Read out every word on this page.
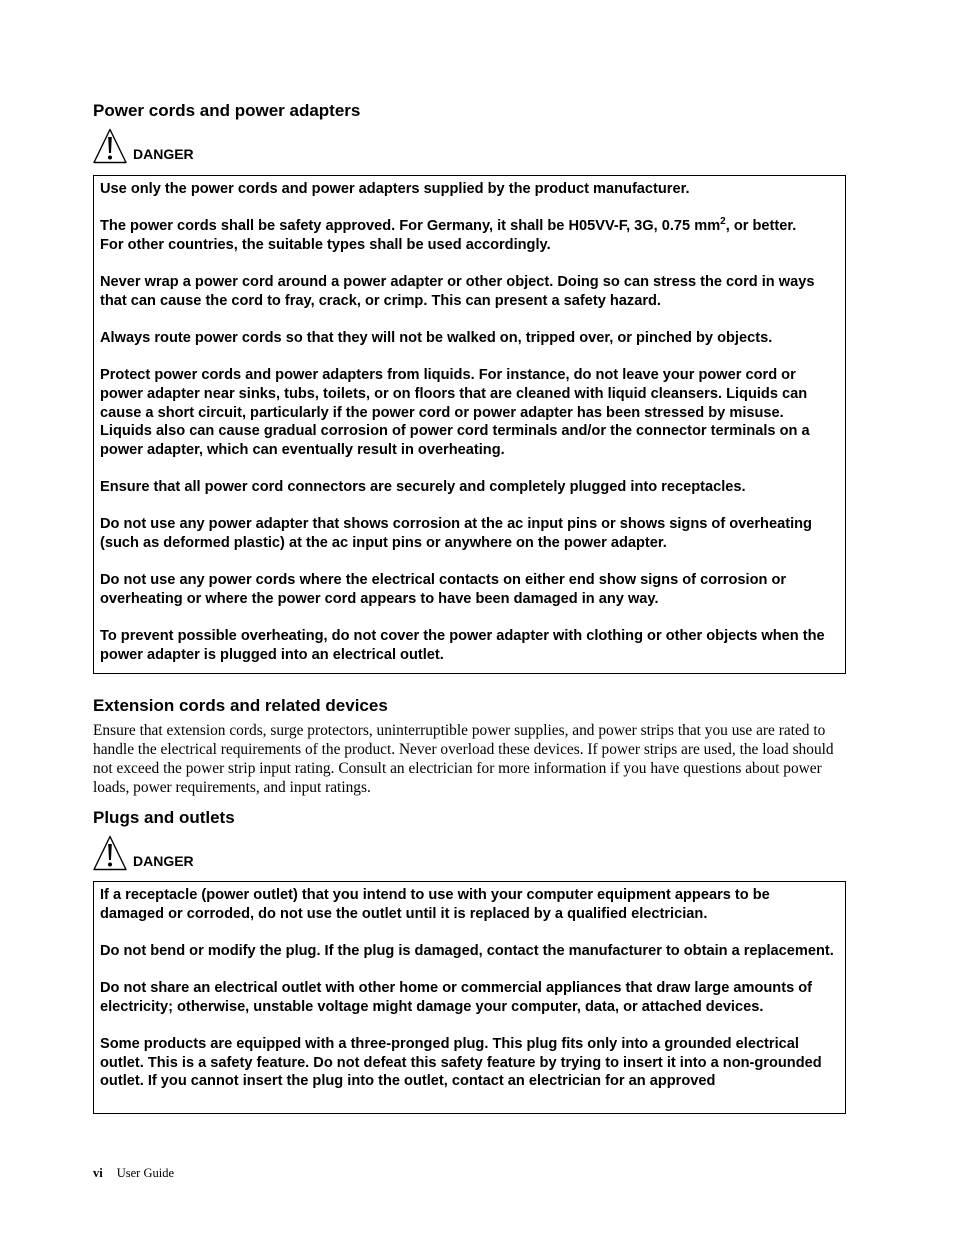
Power cords and power adapters
DANGER

Use only the power cords and power adapters supplied by the product manufacturer.

The power cords shall be safety approved. For Germany, it shall be H05VV-F, 3G, 0.75 $mm^2$, or better.
For other countries, the suitable types shall be used accordingly.

Never wrap a power cord around a power adapter or other object. Doing so can stress the cord in ways that can cause the cord to fray, crack, or crimp. This can present a safety hazard.

Always route power cords so that they will not be walked on, tripped over, or pinched by objects.

Protect power cords and power adapters from liquids. For instance, do not leave your power cord or power adapter near sinks, tubs, toilets, or on floors that are cleaned with liquid cleansers. Liquids can cause a short circuit, particularly if the power cord or power adapter has been stressed by misuse. Liquids also can cause gradual corrosion of power cord terminals and/or the connector terminals on a power adapter, which can eventually result in overheating.

Ensure that all power cord connectors are securely and completely plugged into receptacles.

Do not use any power adapter that shows corrosion at the ac input pins or shows signs of overheating (such as deformed plastic) at the ac input pins or anywhere on the power adapter.

Do not use any power cords where the electrical contacts on either end show signs of corrosion or overheating or where the power cord appears to have been damaged in any way.

To prevent possible overheating, do not cover the power adapter with clothing or other objects when the power adapter is plugged into an electrical outlet.

Extension cords and related devices

Ensure that extension cords, surge protectors, uninterruptible power supplies, and power strips that you use are rated to handle the electrical requirements of the product. Never overload these devices. If power strips are used, the load should not exceed the power strip input rating. Consult an electrician for more information if you have questions about power loads, power requirements, and input ratings.

Plugs and outlets
DANGER

If a receptacle (power outlet) that you intend to use with your computer equipment appears to be damaged or corroded, do not use the outlet until it is replaced by a qualified electrician.

Do not bend or modify the plug. If the plug is damaged, contact the manufacturer to obtain a replacement.

Do not share an electrical outlet with other home or commercial appliances that draw large amounts of electricity; otherwise, unstable voltage might damage your computer, data, or attached devices.

Some products are equipped with a three-pronged plug. This plug fits only into a grounded electrical outlet. This is a safety feature. Do not defeat this safety feature by trying to insert it into a non-grounded outlet. If you cannot insert the plug into the outlet, contact an electrician for an approved

vi User Guide
